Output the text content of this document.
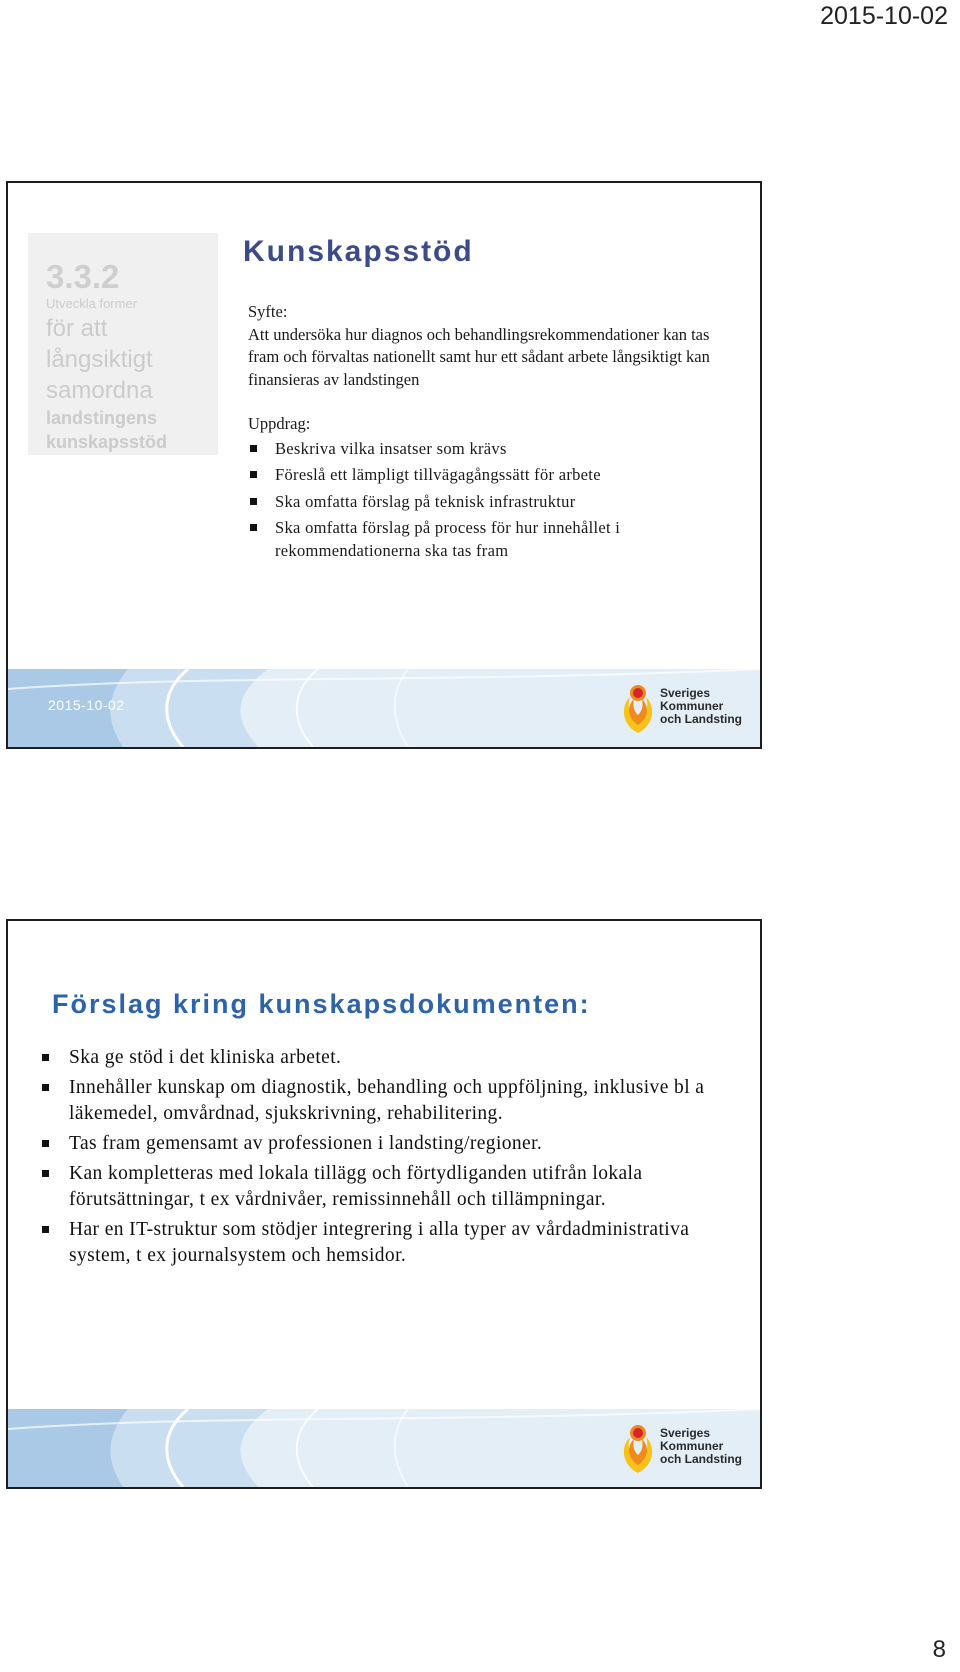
2015-10-02
3.3.2
Utveckla former
för att
långsiktigt
samordna
landstingens
kunskapsstöd
Kunskapsstöd
Syfte:
Att undersöka hur diagnos och behandlingsrekommendationer kan tas fram och förvaltas nationellt samt hur ett sådant arbete långsiktigt kan finansieras av landstingen
Uppdrag:
Beskriva vilka insatser som krävs
Föreslå ett lämpligt tillvägagångssätt för arbete
Ska omfatta förslag på teknisk infrastruktur
Ska omfatta förslag på process för hur innehållet i rekommendationerna ska tas fram
2015-10-02
Sveriges
Kommuner
och Landsting
Förslag kring kunskapsdokumenten:
Ska ge stöd i det kliniska arbetet.
Innehåller kunskap om diagnostik, behandling och uppföljning, inklusive bl a läkemedel, omvårdnad, sjukskrivning, rehabilitering.
Tas fram gemensamt av professionen i landsting/regioner.
Kan kompletteras med lokala tillägg och förtydliganden utifrån lokala förutsättningar, t ex vårdnivåer, remissinnehåll och tillämpningar.
Har en IT-struktur som stödjer integrering i alla typer av vårdadministrativa system, t ex journalsystem och hemsidor.
Sveriges
Kommuner
och Landsting
8
